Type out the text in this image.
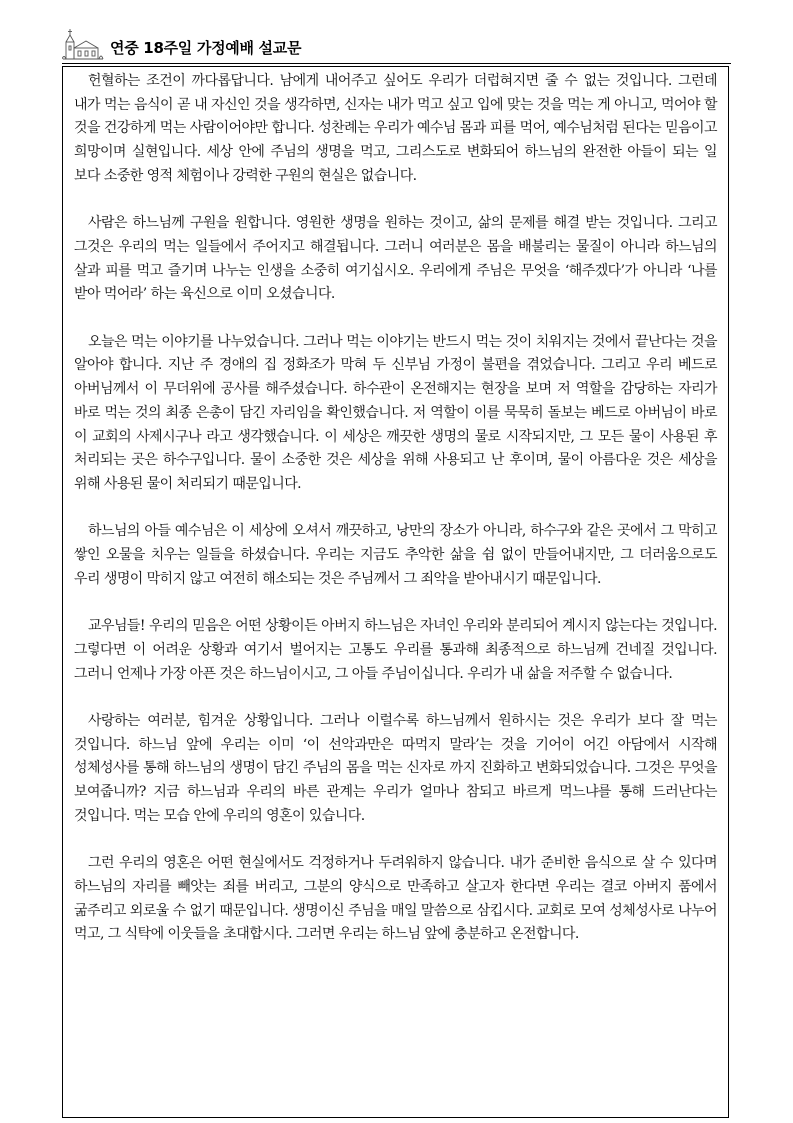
연중 18주일 가정예배 설교문

헌혈하는 조건이 까다롭답니다. 남에게 내어주고 싶어도 우리가 더럽혀지면 줄 수 없는 것입니다. 그런데 내가 먹는 음식이 곧 내 자신인 것을 생각하면, 신자는 내가 먹고 싶고 입에 맞는 것을 먹는 게 아니고, 먹어야 할 것을 건강하게 먹는 사람이어야만 합니다. 성찬례는 우리가 예수님 몸과 피를 먹어, 예수님처럼 된다는 믿음이고 희망이며 실현입니다. 세상 안에 주님의 생명을 먹고, 그리스도로 변화되어 하느님의 완전한 아들이 되는 일 보다 소중한 영적 체험이나 강력한 구원의 현실은 없습니다.

사람은 하느님께 구원을 원합니다. 영원한 생명을 원하는 것이고, 삶의 문제를 해결 받는 것입니다. 그리고 그것은 우리의 먹는 일들에서 주어지고 해결됩니다. 그러니 여러분은 몸을 배불리는 물질이 아니라 하느님의 살과 피를 먹고 즐기며 나누는 인생을 소중히 여기십시오. 우리에게 주님은 무엇을 ‘해주겠다’가 아니라 ‘나를 받아 먹어라’ 하는 육신으로 이미 오셨습니다.

오늘은 먹는 이야기를 나누었습니다. 그러나 먹는 이야기는 반드시 먹는 것이 치워지는 것에서 끝난다는 것을 알아야 합니다. 지난 주 경애의 집 정화조가 막혀 두 신부님 가정이 불편을 겪었습니다. 그리고 우리 베드로 아버님께서 이 무더위에 공사를 해주셨습니다. 하수관이 온전해지는 현장을 보며 저 역할을 감당하는 자리가 바로 먹는 것의 최종 은총이 담긴 자리임을 확인했습니다. 저 역할이 이를 묵묵히 돌보는 베드로 아버님이 바로 이 교회의 사제시구나 라고 생각했습니다. 이 세상은 깨끗한 생명의 물로 시작되지만, 그 모든 물이 사용된 후 처리되는 곳은 하수구입니다. 물이 소중한 것은 세상을 위해 사용되고 난 후이며, 물이 아름다운 것은 세상을 위해 사용된 물이 처리되기 때문입니다.

하느님의 아들 예수님은 이 세상에 오셔서 깨끗하고, 낭만의 장소가 아니라, 하수구와 같은 곳에서 그 막히고 쌓인 오물을 치우는 일들을 하셨습니다. 우리는 지금도 추악한 삶을 쉼 없이 만들어내지만, 그 더러움으로도 우리 생명이 막히지 않고 여전히 해소되는 것은 주님께서 그 죄악을 받아내시기 때문입니다.

교우님들! 우리의 믿음은 어떤 상황이든 아버지 하느님은 자녀인 우리와 분리되어 계시지 않는다는 것입니다. 그렇다면 이 어려운 상황과 여기서 벌어지는 고통도 우리를 통과해 최종적으로 하느님께 건네질 것입니다. 그러니 언제나 가장 아픈 것은 하느님이시고, 그 아들 주님이십니다. 우리가 내 삶을 저주할 수 없습니다.

사랑하는 여러분, 힘겨운 상황입니다. 그러나 이럴수록 하느님께서 원하시는 것은 우리가 보다 잘 먹는 것입니다. 하느님 앞에 우리는 이미 ‘이 선악과만은 따먹지 말라’는 것을 기어이 어긴 아담에서 시작해 성체성사를 통해 하느님의 생명이 담긴 주님의 몸을 먹는 신자로 까지 진화하고 변화되었습니다. 그것은 무엇을 보여줍니까? 지금 하느님과 우리의 바른 관계는 우리가 얼마나 참되고 바르게 먹느냐를 통해 드러난다는 것입니다. 먹는 모습 안에 우리의 영혼이 있습니다.

그런 우리의 영혼은 어떤 현실에서도 걱정하거나 두려워하지 않습니다. 내가 준비한 음식으로 살 수 있다며 하느님의 자리를 빼앗는 죄를 버리고, 그분의 양식으로 만족하고 살고자 한다면 우리는 결코 아버지 품에서 굶주리고 외로울 수 없기 때문입니다. 생명이신 주님을 매일 말씀으로 삼킵시다. 교회로 모여 성체성사로 나누어 먹고, 그 식탁에 이웃들을 초대합시다. 그러면 우리는 하느님 앞에 충분하고 온전합니다.
